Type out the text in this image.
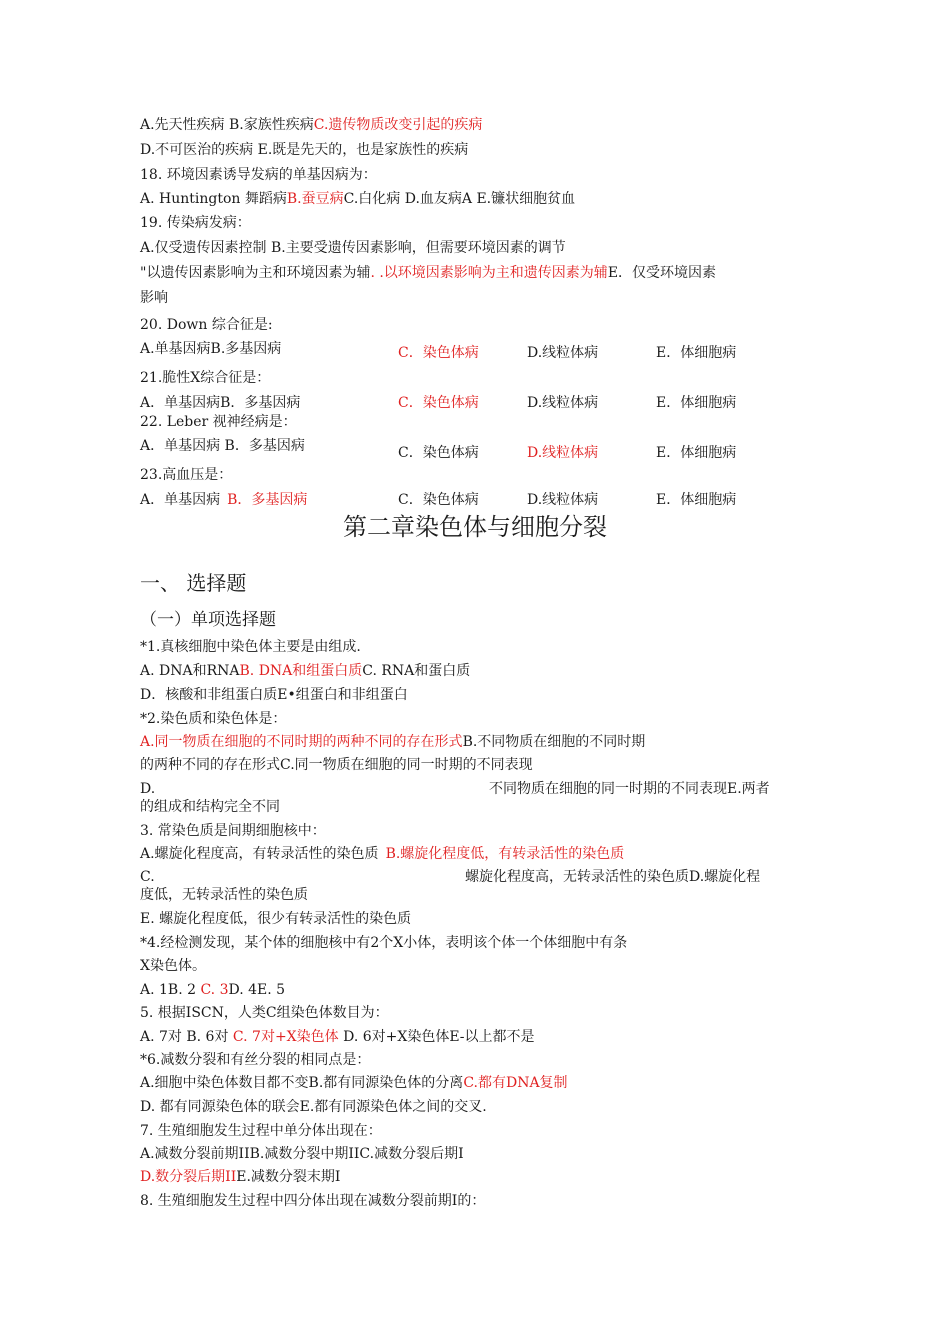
A.先天性疾病 B.家族性疾病C.遗传物质改变引起的疾病
D.不可医治的疾病 E.既是先天的，也是家族性的疾病
18. 环境因素诱导发病的单基因病为：
A. Huntington 舞蹈病B.蚕豆病C.白化病 D.血友病A E.镰状细胞贫血
19. 传染病发病：
A.仅受遗传因素控制 B.主要受遗传因素影响，但需要环境因素的调节
"以遗传因素影响为主和环境因素为辅. .以环境因素影响为主和遗传因素为辅E．仅受环境因素
影响
20. Down 综合征是:
A.单基因病B.多基因病	C．染色体病	D.线粒体病	E．体细胞病
21.脆性X综合征是：
A．单基因病B．多基因病	C．染色体病	D.线粒体病	E．体细胞病
22. Leber 视神经病是：
A．单基因病 B．多基因病	C．染色体病	D.线粒体病	E．体细胞病
23.高血压是：
A．单基因病 B．多基因病	C．染色体病	D.线粒体病	E．体细胞病
第二章染色体与细胞分裂
一、 选择题
（一）单项选择题
*1.真核细胞中染色体主要是由组成.
A. DNA和RNAB. DNA和组蛋白质C. RNA和蛋白质
D．核酸和非组蛋白质E•组蛋白和非组蛋白
*2.染色质和染色体是：
A.同一物质在细胞的不同时期的两种不同的存在形式B.不同物质在细胞的不同时期
的两种不同的存在形式C.同一物质在细胞的同一时期的不同表现
D.	不同物质在细胞的同一时期的不同表现E.两者
的组成和结构完全不同
3. 常染色质是间期细胞核中：
A.螺旋化程度高，有转录活性的染色质 B.螺旋化程度低，有转录活性的染色质
C.	螺旋化程度高，无转录活性的染色质D.螺旋化程
度低，无转录活性的染色质
E. 螺旋化程度低，很少有转录活性的染色质
*4.经检测发现，某个体的细胞核中有2个X小体，表明该个体一个体细胞中有条
X染色体。
A. 1B. 2 C. 3D. 4E. 5
5. 根据ISCN，人类C组染色体数目为：
A. 7对 B. 6对 C. 7对+X染色体 D. 6对+X染色体E-以上都不是
*6.减数分裂和有丝分裂的相同点是：
A.细胞中染色体数目都不变B.都有同源染色体的分离C.都有DNA复制
D. 都有同源染色体的联会E.都有同源染色体之间的交叉.
7. 生殖细胞发生过程中单分体出现在：
A.减数分裂前期IIB.减数分裂中期IIC.减数分裂后期I
D.数分裂后期IIE.减数分裂末期I
8. 生殖细胞发生过程中四分体出现在减数分裂前期I的：
